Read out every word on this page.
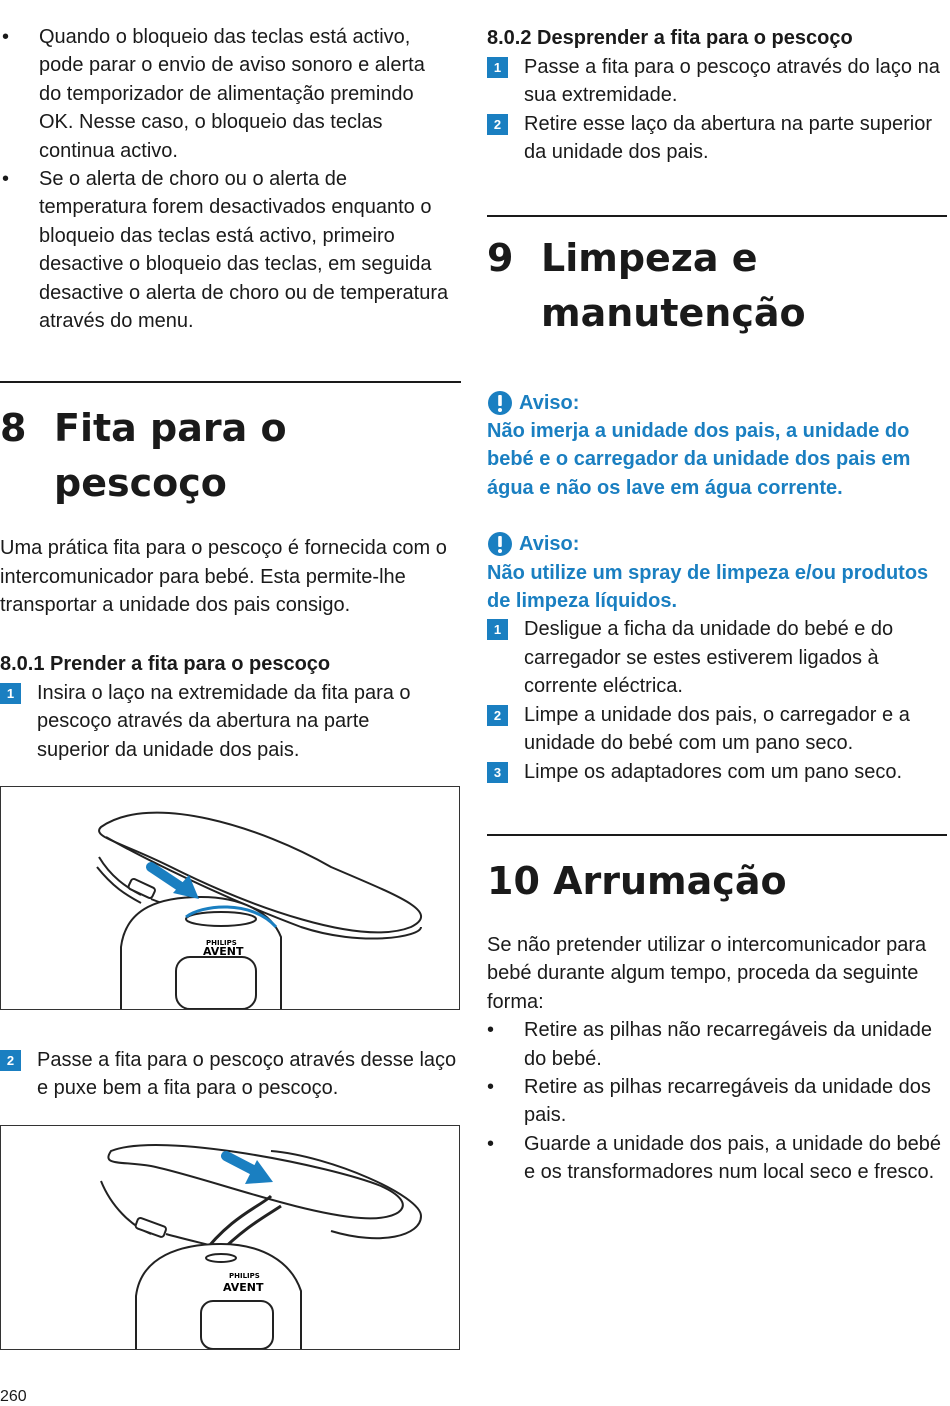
• Quando o bloqueio das teclas está activo, pode parar o envio de aviso sonoro e alerta do temporizador de alimentação premindo OK. Nesse caso, o bloqueio das teclas continua activo.
• Se o alerta de choro ou o alerta de temperatura forem desactivados enquanto o bloqueio das teclas está activo, primeiro desactive o bloqueio das teclas, em seguida desactive o alerta de choro ou de temperatura através do menu.
8 Fita para o pescoço

Uma prática fita para o pescoço é fornecida com o intercomunicador para bebé. Esta permite-lhe transportar a unidade dos pais consigo.

8.0.1 Prender a fita para o pescoço

1	Insira o laço na extremidade da fita para o pescoço através da abertura na parte superior da unidade dos pais.
PHILIPS
AVENT
2	Passe a fita para o pescoço através desse laço e puxe bem a fita para o pescoço.
PHILIPS
AVENT

8.0.2 Desprender a fita para o pescoço

1	Passe a fita para o pescoço através do laço na sua extremidade.
2	Retire esse laço da abertura na parte superior da unidade dos pais.
9 Limpeza e
manutenção
Aviso:
Não imerja a unidade dos pais, a unidade do bebé e o carregador da unidade dos pais em água e não os lave em água corrente.
Aviso:
Não utilize um spray de limpeza e/ou produtos de limpeza líquidos.
1	Desligue a ficha da unidade do bebé e do carregador se estes estiverem ligados à corrente eléctrica.
2	Limpe a unidade dos pais, o carregador e a unidade do bebé com um pano seco.
3	Limpe os adaptadores com um pano seco.
10 Arrumação

Se não pretender utilizar o intercomunicador para bebé durante algum tempo, proceda da seguinte forma:

• Retire as pilhas não recarregáveis da unidade do bebé.
• Retire as pilhas recarregáveis da unidade dos pais.
• Guarde a unidade dos pais, a unidade do bebé e os transformadores num local seco e fresco.
260
